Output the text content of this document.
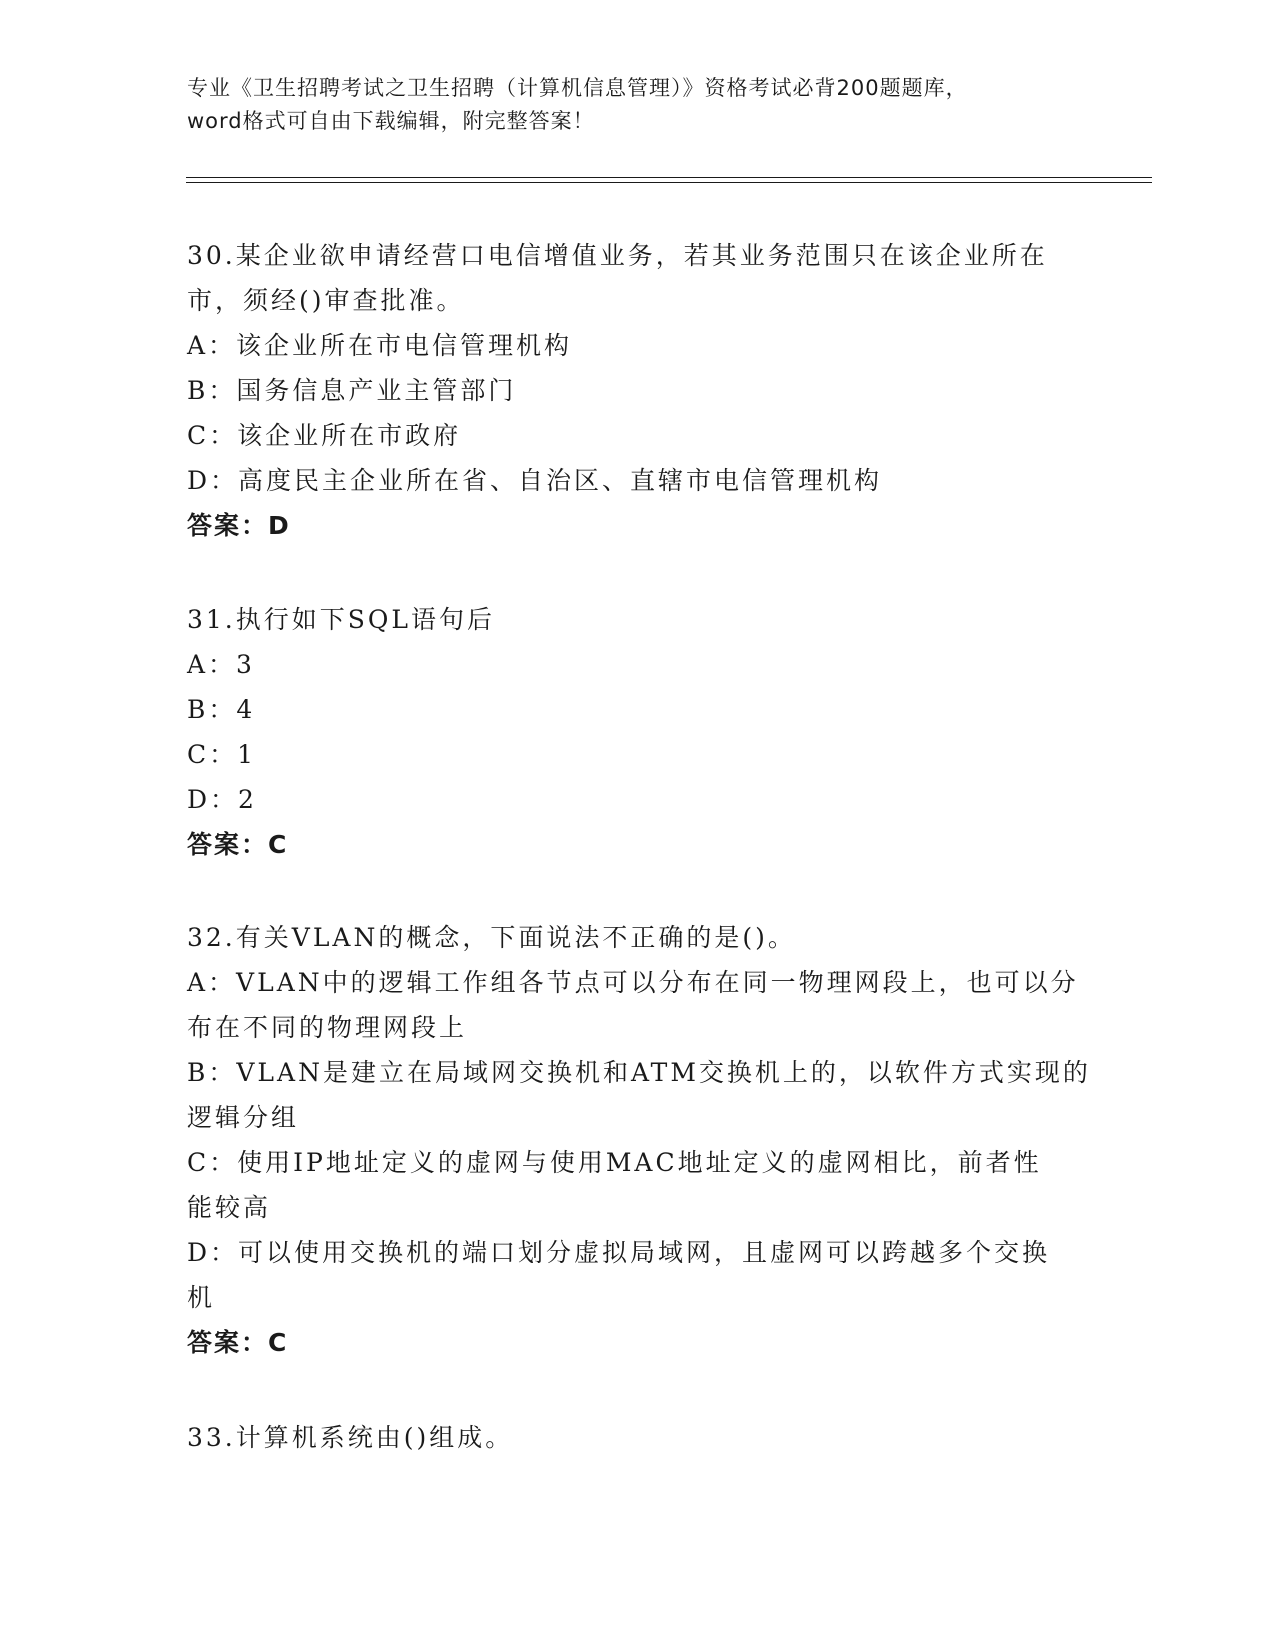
专业《卫生招聘考试之卫生招聘（计算机信息管理）》资格考试必背200题题库，
word格式可自由下载编辑，附完整答案！
30.某企业欲申请经营口电信增值业务，若其业务范围只在该企业所在
市，须经()审查批准。
A：该企业所在市电信管理机构
B：国务信息产业主管部门
C：该企业所在市政府
D：高度民主企业所在省、自治区、直辖市电信管理机构
答案：D
31.执行如下SQL语句后
A：3
B：4
C：1
D：2
答案：C
32.有关VLAN的概念，下面说法不正确的是()。
A：VLAN中的逻辑工作组各节点可以分布在同一物理网段上，也可以分
布在不同的物理网段上
B：VLAN是建立在局域网交换机和ATM交换机上的，以软件方式实现的
逻辑分组
C：使用IP地址定义的虚网与使用MAC地址定义的虚网相比，前者性
能较高
D：可以使用交换机的端口划分虚拟局域网，且虚网可以跨越多个交换
机
答案：C
33.计算机系统由()组成。
